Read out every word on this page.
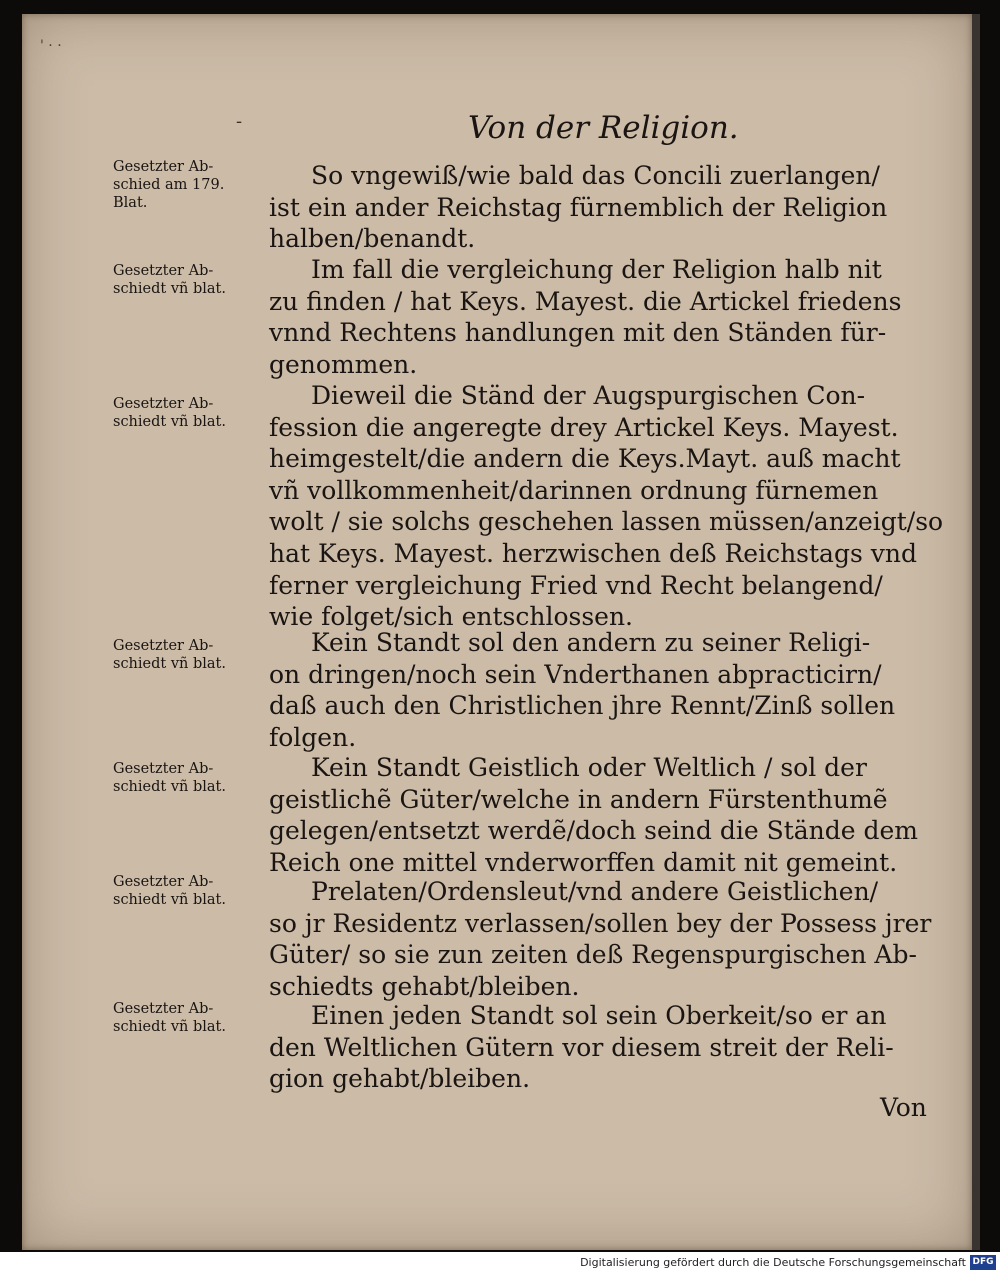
' · ·
-	Von der Religion.
Gesetzter Ab-
schied am 179.
Blat.
Gesetzter Ab-
schiedt vñ blat.
Gesetzter Ab-
schiedt vñ blat.
Gesetzter Ab-
schiedt vñ blat.
Gesetzter Ab-
schiedt vñ blat.
Gesetzter Ab-
schiedt vñ blat.
Gesetzter Ab-
schiedt vñ blat.
So vngewiß/wie bald das Concili zuerlangen/
ist ein ander Reichstag fürnemblich der Religion
halben/benandt.
Im fall die vergleichung der Religion halb nit
zu finden / hat Keys. Mayest. die Artickel friedens
vnnd Rechtens handlungen mit den Ständen für-
genommen.
Dieweil die Ständ der Augspurgischen Con-
fession die angeregte drey Artickel Keys. Mayest.
heimgestelt/die andern die Keys.Mayt. auß macht
vñ vollkommenheit/darinnen ordnung fürnemen
wolt / sie solchs geschehen lassen müssen/anzeigt/so
hat Keys. Mayest. herzwischen deß Reichstags vnd
ferner vergleichung Fried vnd Recht belangend/
wie folget/sich entschlossen.
Kein Standt sol den andern zu seiner Religi-
on dringen/noch sein Vnderthanen abpracticirn/
daß auch den Christlichen jhre Rennt/Zinß sollen
folgen.
Kein Standt Geistlich oder Weltlich / sol der
geistlichẽ Güter/welche in andern Fürstenthumẽ
gelegen/entsetzt werdẽ/doch seind die Stände dem
Reich one mittel vnderworffen damit nit gemeint.
Prelaten/Ordensleut/vnd andere Geistlichen/
so jr Residentz verlassen/sollen bey der Possess jrer
Güter/ so sie zun zeiten deß Regenspurgischen Ab-
schiedts gehabt/bleiben.
Einen jeden Standt sol sein Oberkeit/so er an
den Weltlichen Gütern vor diesem streit der Reli-
gion gehabt/bleiben.
Von
Digitalisierung gefördert durch die Deutsche Forschungsgemeinschaft DFG
